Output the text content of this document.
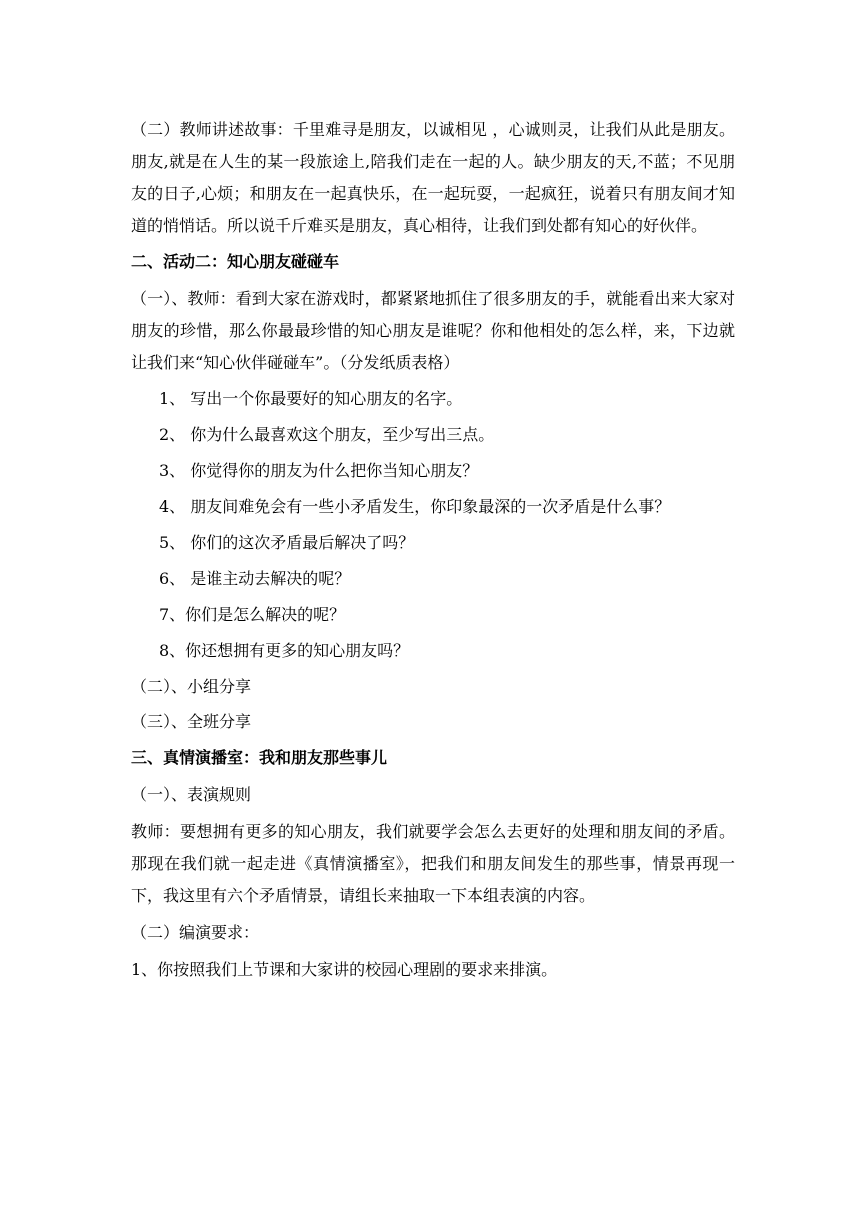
（二）教师讲述故事：千里难寻是朋友，以诚相见 ，心诚则灵，让我们从此是朋友。朋友,就是在人生的某一段旅途上,陪我们走在一起的人。缺少朋友的天,不蓝；不见朋友的日子,心烦；和朋友在一起真快乐，在一起玩耍，一起疯狂，说着只有朋友间才知道的悄悄话。所以说千斤难买是朋友，真心相待，让我们到处都有知心的好伙伴。

二、活动二：知心朋友碰碰车

（一）、教师：看到大家在游戏时，都紧紧地抓住了很多朋友的手，就能看出来大家对朋友的珍惜，那么你最最珍惜的知心朋友是谁呢？你和他相处的怎么样，来，下边就让我们来“知心伙伴碰碰车”。（分发纸质表格）

1、 写出一个你最要好的知心朋友的名字。
2、 你为什么最喜欢这个朋友，至少写出三点。
3、 你觉得你的朋友为什么把你当知心朋友？
4、 朋友间难免会有一些小矛盾发生，你印象最深的一次矛盾是什么事？
5、 你们的这次矛盾最后解决了吗？
6、 是谁主动去解决的呢？
7、你们是怎么解决的呢？
8、你还想拥有更多的知心朋友吗？

（二）、小组分享

（三）、全班分享

三、真情演播室：我和朋友那些事儿

（一）、表演规则

教师：要想拥有更多的知心朋友，我们就要学会怎么去更好的处理和朋友间的矛盾。那现在我们就一起走进《真情演播室》，把我们和朋友间发生的那些事，情景再现一下，我这里有六个矛盾情景，请组长来抽取一下本组表演的内容。

（二）编演要求：

1、你按照我们上节课和大家讲的校园心理剧的要求来排演。
